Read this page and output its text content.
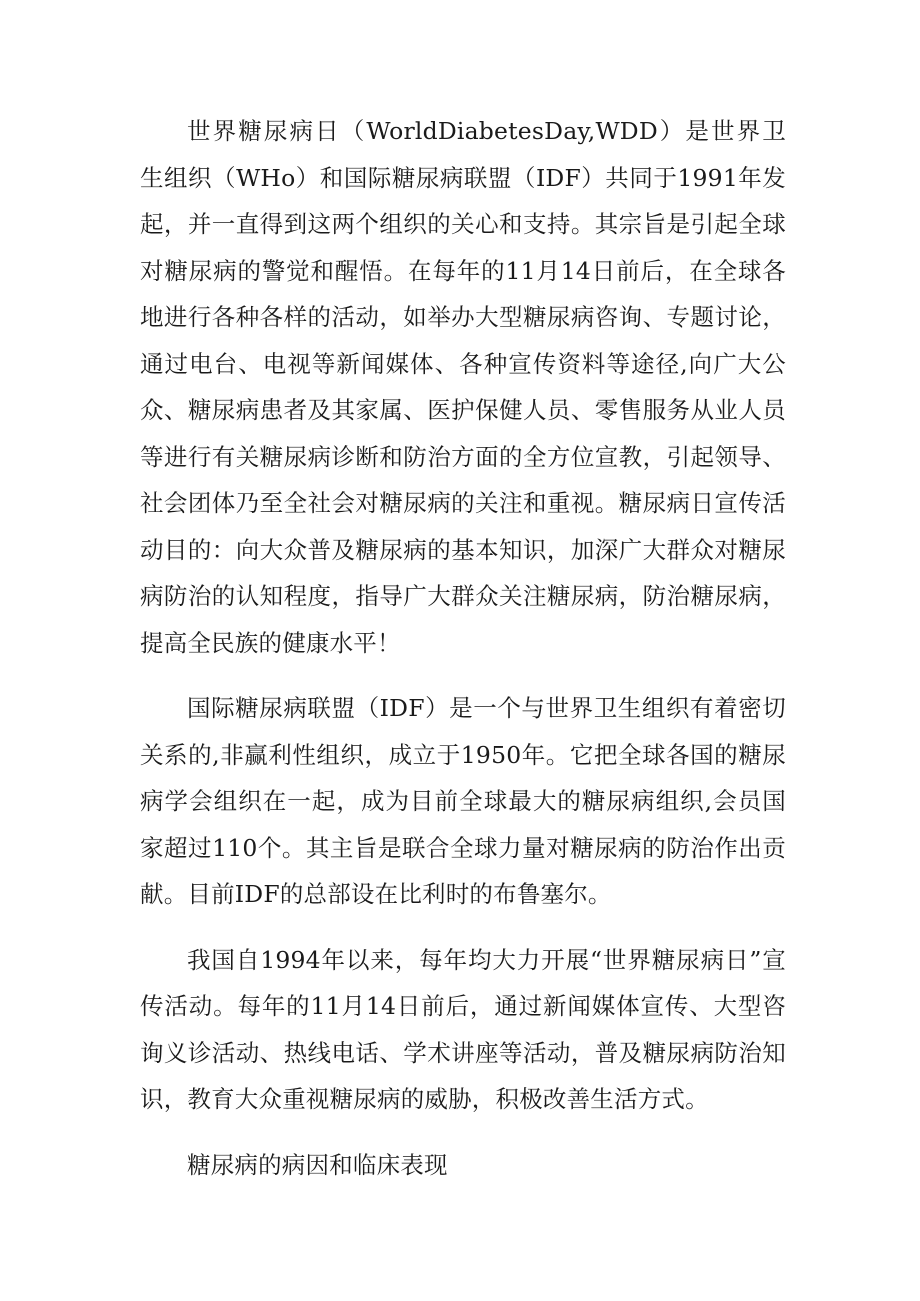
世界糖尿病日（WorldDiabetesDay,WDD）是世界卫生组织（WHo）和国际糖尿病联盟（IDF）共同于1991年发起，并一直得到这两个组织的关心和支持。其宗旨是引起全球对糖尿病的警觉和醒悟。在每年的11月14日前后，在全球各地进行各种各样的活动，如举办大型糖尿病咨询、专题讨论，通过电台、电视等新闻媒体、各种宣传资料等途径,向广大公众、糖尿病患者及其家属、医护保健人员、零售服务从业人员等进行有关糖尿病诊断和防治方面的全方位宣教，引起领导、社会团体乃至全社会对糖尿病的关注和重视。糖尿病日宣传活动目的：向大众普及糖尿病的基本知识，加深广大群众对糖尿病防治的认知程度，指导广大群众关注糖尿病，防治糖尿病，提高全民族的健康水平！

国际糖尿病联盟（IDF）是一个与世界卫生组织有着密切关系的,非赢利性组织，成立于1950年。它把全球各国的糖尿病学会组织在一起，成为目前全球最大的糖尿病组织,会员国家超过110个。其主旨是联合全球力量对糖尿病的防治作出贡献。目前IDF的总部设在比利时的布鲁塞尔。

我国自1994年以来，每年均大力开展“世界糖尿病日”宣传活动。每年的11月14日前后，通过新闻媒体宣传、大型咨询义诊活动、热线电话、学术讲座等活动，普及糖尿病防治知识，教育大众重视糖尿病的威胁，积极改善生活方式。

糖尿病的病因和临床表现
